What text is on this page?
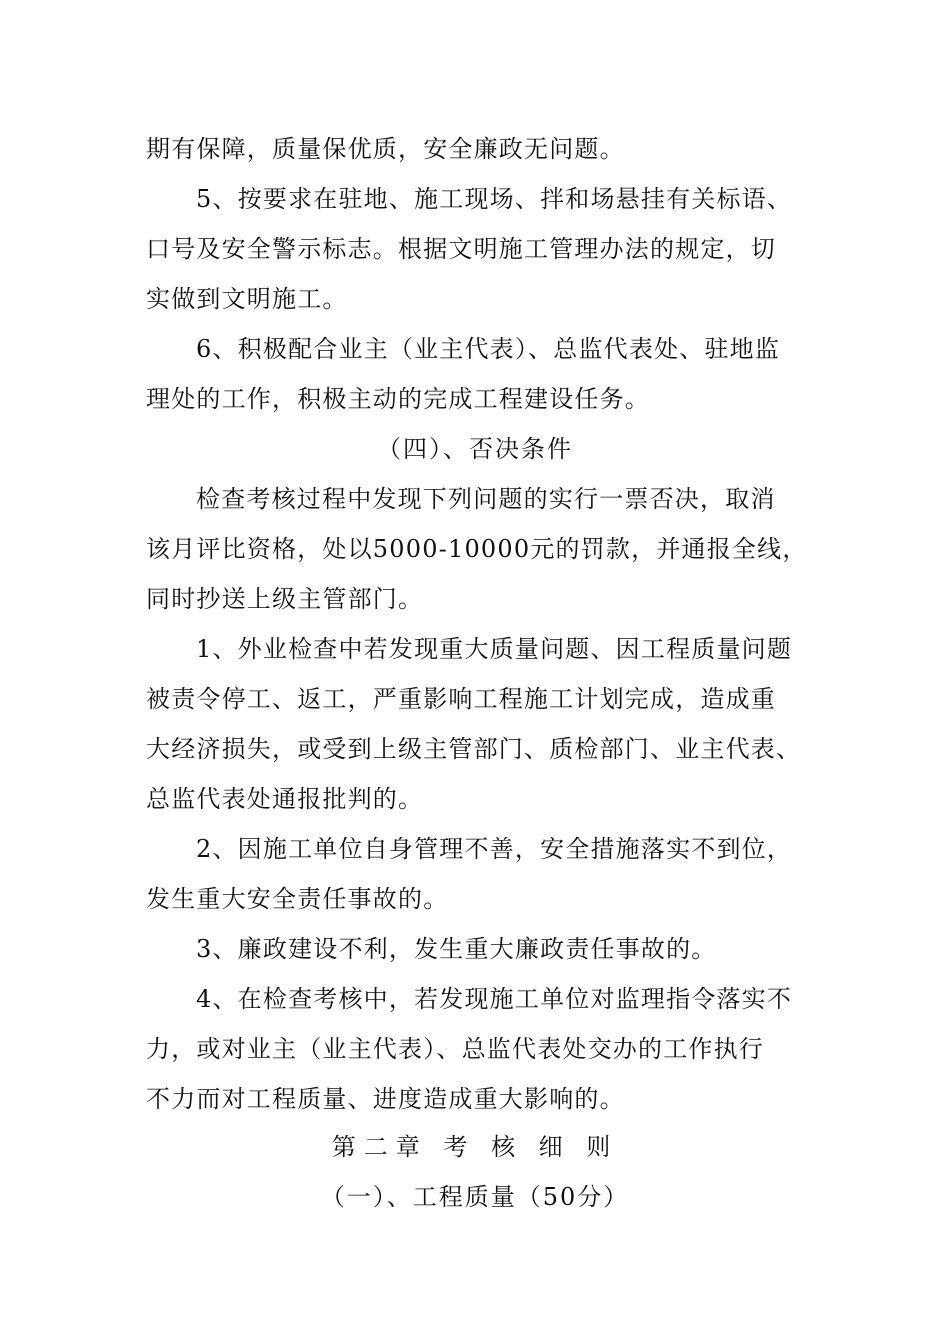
期有保障，质量保优质，安全廉政无问题。
5、按要求在驻地、施工现场、拌和场悬挂有关标语、
口号及安全警示标志。根据文明施工管理办法的规定，切
实做到文明施工。
6、积极配合业主（业主代表）、总监代表处、驻地监
理处的工作，积极主动的完成工程建设任务。
（四）、否决条件
检查考核过程中发现下列问题的实行一票否决，取消
该月评比资格，处以5000-10000元的罚款，并通报全线，
同时抄送上级主管部门。
1、外业检查中若发现重大质量问题、因工程质量问题
被责令停工、返工，严重影响工程施工计划完成，造成重
大经济损失，或受到上级主管部门、质检部门、业主代表、
总监代表处通报批判的。
2、因施工单位自身管理不善，安全措施落实不到位，
发生重大安全责任事故的。
3、廉政建设不利，发生重大廉政责任事故的。
4、在检查考核中，若发现施工单位对监理指令落实不
力，或对业主（业主代表）、总监代表处交办的工作执行
不力而对工程质量、进度造成重大影响的。
第二章 考 核 细 则
（一）、工程质量（50分）
